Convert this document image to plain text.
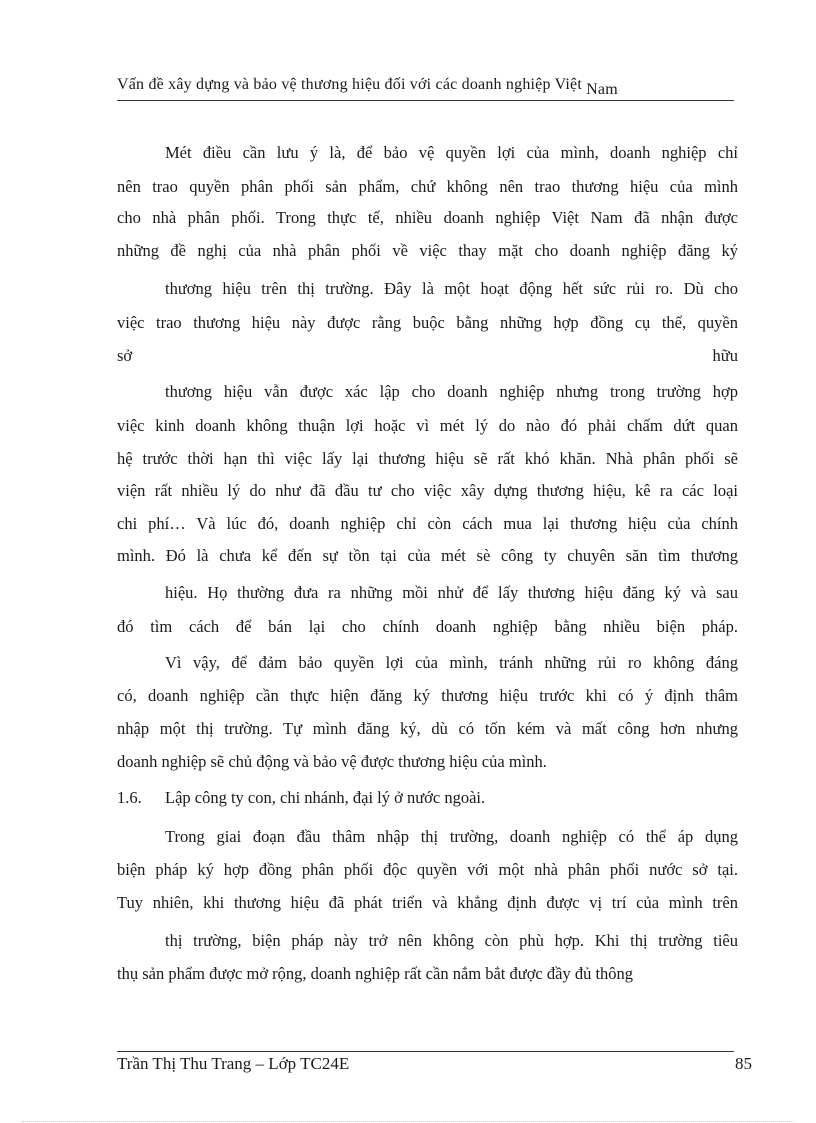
Vấn đề xây dựng và bảo vệ thương hiệu đối với các doanh nghiệp Việt Nam
Mét điều cần lưu ý là, để bảo vệ quyền lợi của mình, doanh nghiệp chỉ
nên trao quyền phân phối sản phẩm, chứ không nên trao thương hiệu của mình
cho nhà phân phối. Trong thực tế, nhiều doanh nghiệp Việt Nam đã nhận được
những đề nghị của nhà phân phối về việc thay mặt cho doanh nghiệp đăng ký
thương hiệu trên thị trường. Đây là một hoạt động hết sức rủi ro. Dù cho
việc trao thương hiệu này được rằng buộc bằng những hợp đồng cụ thể, quyền
sở	hữu
thương hiệu vẫn được xác lập cho doanh nghiệp nhưng trong trường hợp
việc kinh doanh không thuận lợi hoặc vì mét lý do nào đó phải chấm dứt quan
hệ trước thời hạn thì việc lấy lại thương hiệu sẽ rất khó khăn. Nhà phân phối sẽ
viện rất nhiều lý do như đã đầu tư cho việc xây dựng thương hiệu, kê ra các loại
chi phí… Và lúc đó, doanh nghiệp chỉ còn cách mua lại thương hiệu của chính
mình. Đó là chưa kể đến sự tồn tại của mét sè công ty chuyên săn tìm thương
hiệu. Họ thường đưa ra những mồi nhử để lấy thương hiệu đăng ký và sau
đó tìm cách để bán lại cho chính doanh nghiệp bằng nhiều biện pháp.
Vì vậy, để đảm bảo quyền lợi của mình, tránh những rủi ro không đáng
có, doanh nghiệp cần thực hiện đăng ký thương hiệu trước khi có ý định thâm
nhập một thị trường. Tự mình đăng ký, dù có tốn kém và mất công hơn nhưng
doanh nghiệp sẽ chủ động và bảo vệ được thương hiệu của mình.
1.6. Lập công ty con, chi nhánh, đại lý ở nước ngoài.
Trong giai đoạn đầu thâm nhập thị trường, doanh nghiệp có thể áp dụng
biện pháp ký hợp đồng phân phối độc quyền với một nhà phân phối nước sở tại.
Tuy nhiên, khi thương hiệu đã phát triển và khẳng định được vị trí của mình trên
thị trường, biện pháp này trở nên không còn phù hợp. Khi thị trường tiêu
thụ sản phẩm được mở rộng, doanh nghiệp rất cần nắm bắt được đầy đủ thông
Trần Thị Thu Trang – Lớp TC24E	85
